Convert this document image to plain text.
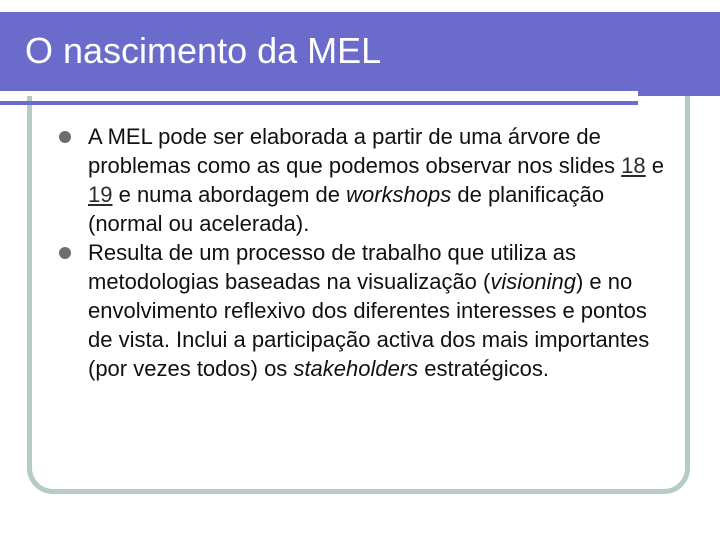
O nascimento da MEL

A MEL pode ser elaborada a partir de uma árvore de problemas como as que podemos observar nos slides 18 e 19 e numa abordagem de workshops de planificação (normal ou acelerada).

Resulta de um processo de trabalho que utiliza as metodologias baseadas na visualização (visioning) e no envolvimento reflexivo dos diferentes interesses e pontos de vista. Inclui a participação activa dos mais importantes (por vezes todos) os stakeholders estratégicos.
